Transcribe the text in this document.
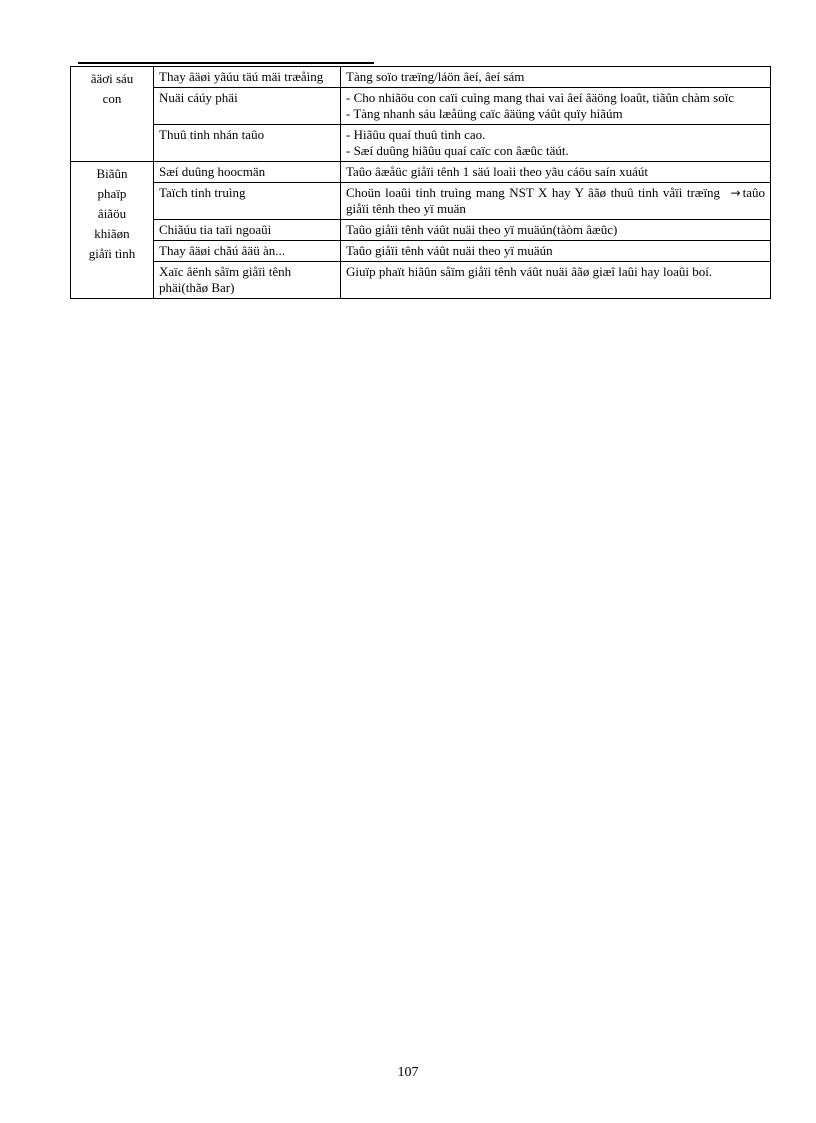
âäơi sáu
con	Thay âäøi yãúu täú mäi træåìng	Tàng soïo træïng/láön âeí, âeí sám

	Nuäi cáúy phäi	- Cho nhiãöu con caïi cuìng mang thai vaì âeí âäöng loaût, tiãûn chàm soïc
- Tàng nhanh sáu læåüng caïc âäüng váût quïy hiãúm

	Thuû tinh nhán taûo	- Hiãûu quaí thuû tinh cao.
- Sæí duûng hiãûu quaí caïc con âæûc täút.

Biãûn
phaïp
âiãöu
khiãøn
giåïi tình	Sæí duûng hoocmän	Taûo âæåüc giåïi tênh 1 säú loaìi theo yãu cáöu saín xuáút

	Taïch tinh truìng	Choün loaûi tinh truìng mang NST X hay Y âãø thuû tinh våïi træïng → taûo giåïi tênh theo yï muän

	Chiãúu tia taïi ngoaûi	Taûo giåïi tênh váût nuäi theo yï muäún(tàòm âæûc)

	Thay âäøi chãú âäü àn...	Taûo giåïi tênh váût nuäi theo yï muäún

	Xaïc âënh såïm giåïi tênh phäi(thãø Bar)	Giuïp phaït hiãûn såïm giåïi tênh váût nuäi âãø giæî laûi hay loaûi boí.
107
